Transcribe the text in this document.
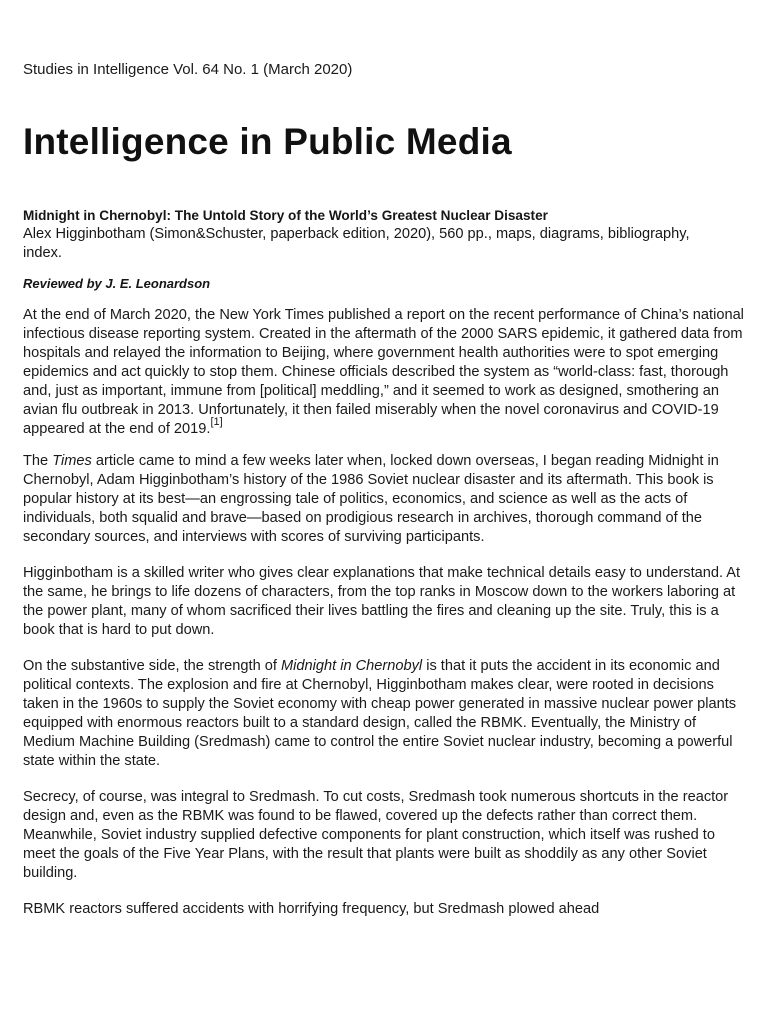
Studies in Intelligence Vol. 64 No. 1 (March 2020)
Intelligence in Public Media
Midnight in Chernobyl: The Untold Story of the World’s Greatest Nuclear Disaster
Alex Higginbotham (Simon&Schuster, paperback edition, 2020), 560 pp., maps, diagrams, bibliography, index.
Reviewed by J. E. Leonardson

At the end of March 2020, the New York Times published a report on the recent performance of China’s national infectious disease reporting system. Created in the aftermath of the 2000 SARS epidemic, it gathered data from hospitals and relayed the information to Beijing, where government health authorities were to spot emerging epidemics and act quickly to stop them. Chinese officials described the system as “world-class: fast, thorough and, just as important, immune from [political] meddling,” and it seemed to work as designed, smothering an avian flu outbreak in 2013. Unfortunately, it then failed miserably when the novel coronavirus and COVID-19 appeared at the end of 2019.[1]

The Times article came to mind a few weeks later when, locked down overseas, I began reading Midnight in Chernobyl, Adam Higginbotham’s history of the 1986 Soviet nuclear disaster and its aftermath. This book is popular history at its best—an engrossing tale of politics, economics, and science as well as the acts of individuals, both squalid and brave—based on prodigious research in archives, thorough command of the secondary sources, and interviews with scores of surviving participants.

Higginbotham is a skilled writer who gives clear explanations that make technical details easy to understand. At the same, he brings to life dozens of characters, from the top ranks in Moscow down to the workers laboring at the power plant, many of whom sacrificed their lives battling the fires and cleaning up the site. Truly, this is a book that is hard to put down.

On the substantive side, the strength of Midnight in Chernobyl is that it puts the accident in its economic and political contexts. The explosion and fire at Chernobyl, Higginbotham makes clear, were rooted in decisions taken in the 1960s to supply the Soviet economy with cheap power generated in massive nuclear power plants equipped with enormous reactors built to a standard design, called the RBMK. Eventually, the Ministry of Medium Machine Building (Sredmash) came to control the entire Soviet nuclear industry, becoming a powerful state within the state.

Secrecy, of course, was integral to Sredmash. To cut costs, Sredmash took numerous shortcuts in the reactor design and, even as the RBMK was found to be flawed, covered up the defects rather than correct them. Meanwhile, Soviet industry supplied defective components for plant construction, which itself was rushed to meet the goals of the Five Year Plans, with the result that plants were built as shoddily as any other Soviet building.

RBMK reactors suffered accidents with horrifying frequency, but Sredmash plowed ahead
